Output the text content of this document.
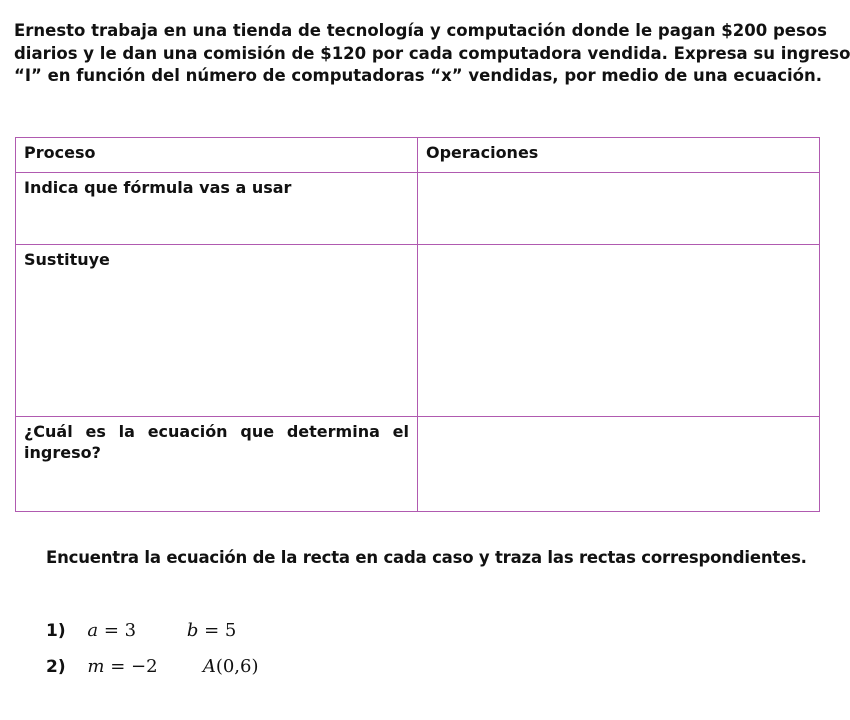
Ernesto trabaja en una tienda de tecnología y computación donde le pagan $200 pesos
diarios y le dan una comisión de $120 por cada computadora vendida. Expresa su ingreso
“I” en función del número de computadoras “x” vendidas, por medio de una ecuación.
Proceso	Operaciones
Indica que fórmula vas a usar	
Sustituye	

¿Cuál es la ecuación que determina el
ingreso?	
Encuentra la ecuación de la recta en cada caso y traza las rectas correspondientes.
1) a = 3	b = 5
2) m = −2	A(0,6)
